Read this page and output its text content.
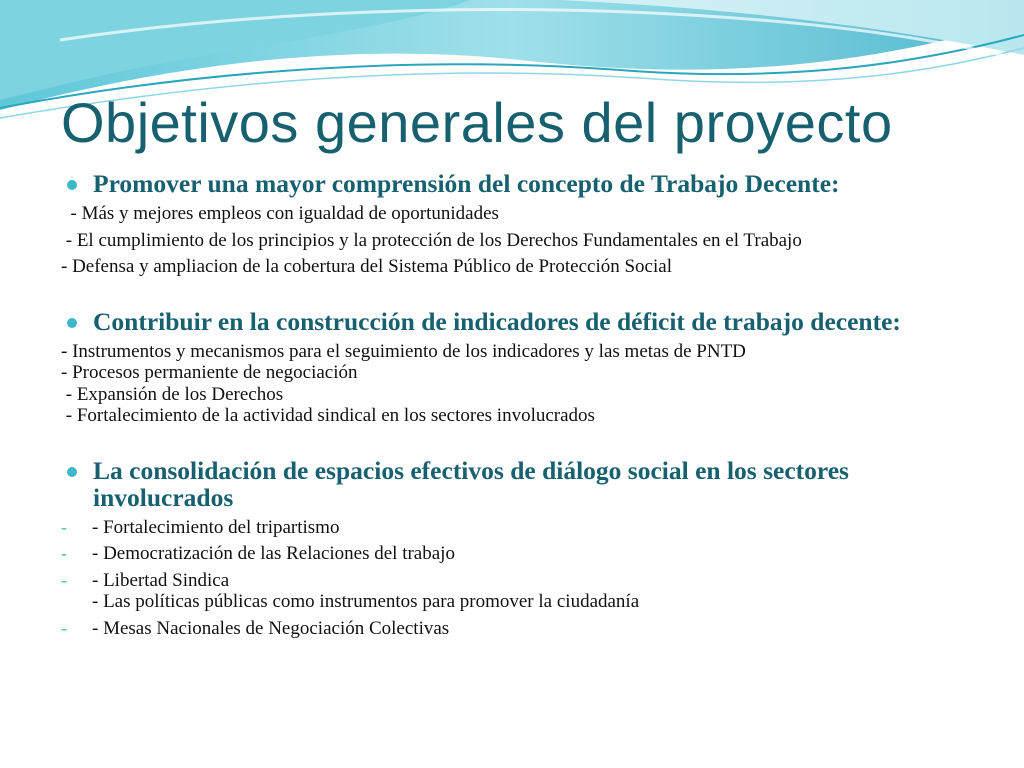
Objetivos generales del proyecto
Promover una mayor comprensión del concepto de Trabajo Decente:
- Más y mejores empleos con igualdad de oportunidades
- El cumplimiento de los principios y la protección de los Derechos Fundamentales en el Trabajo
- Defensa y ampliacion de la cobertura del Sistema Público de Protección Social
Contribuir en la construcción de indicadores de déficit de trabajo decente:
- Instrumentos y mecanismos para el seguimiento de los indicadores y las metas de PNTD
- Procesos permaniente de negociación
- Expansión de los Derechos
- Fortalecimiento de la actividad sindical en los sectores involucrados
La consolidación de espacios efectivos de diálogo social en los sectores involucrados
- - Fortalecimiento del tripartismo
- - Democratización de las Relaciones del trabajo
- - Libertad Sindica
- Las políticas públicas como instrumentos para promover la ciudadanía
- - Mesas Nacionales de Negociación Colectivas
